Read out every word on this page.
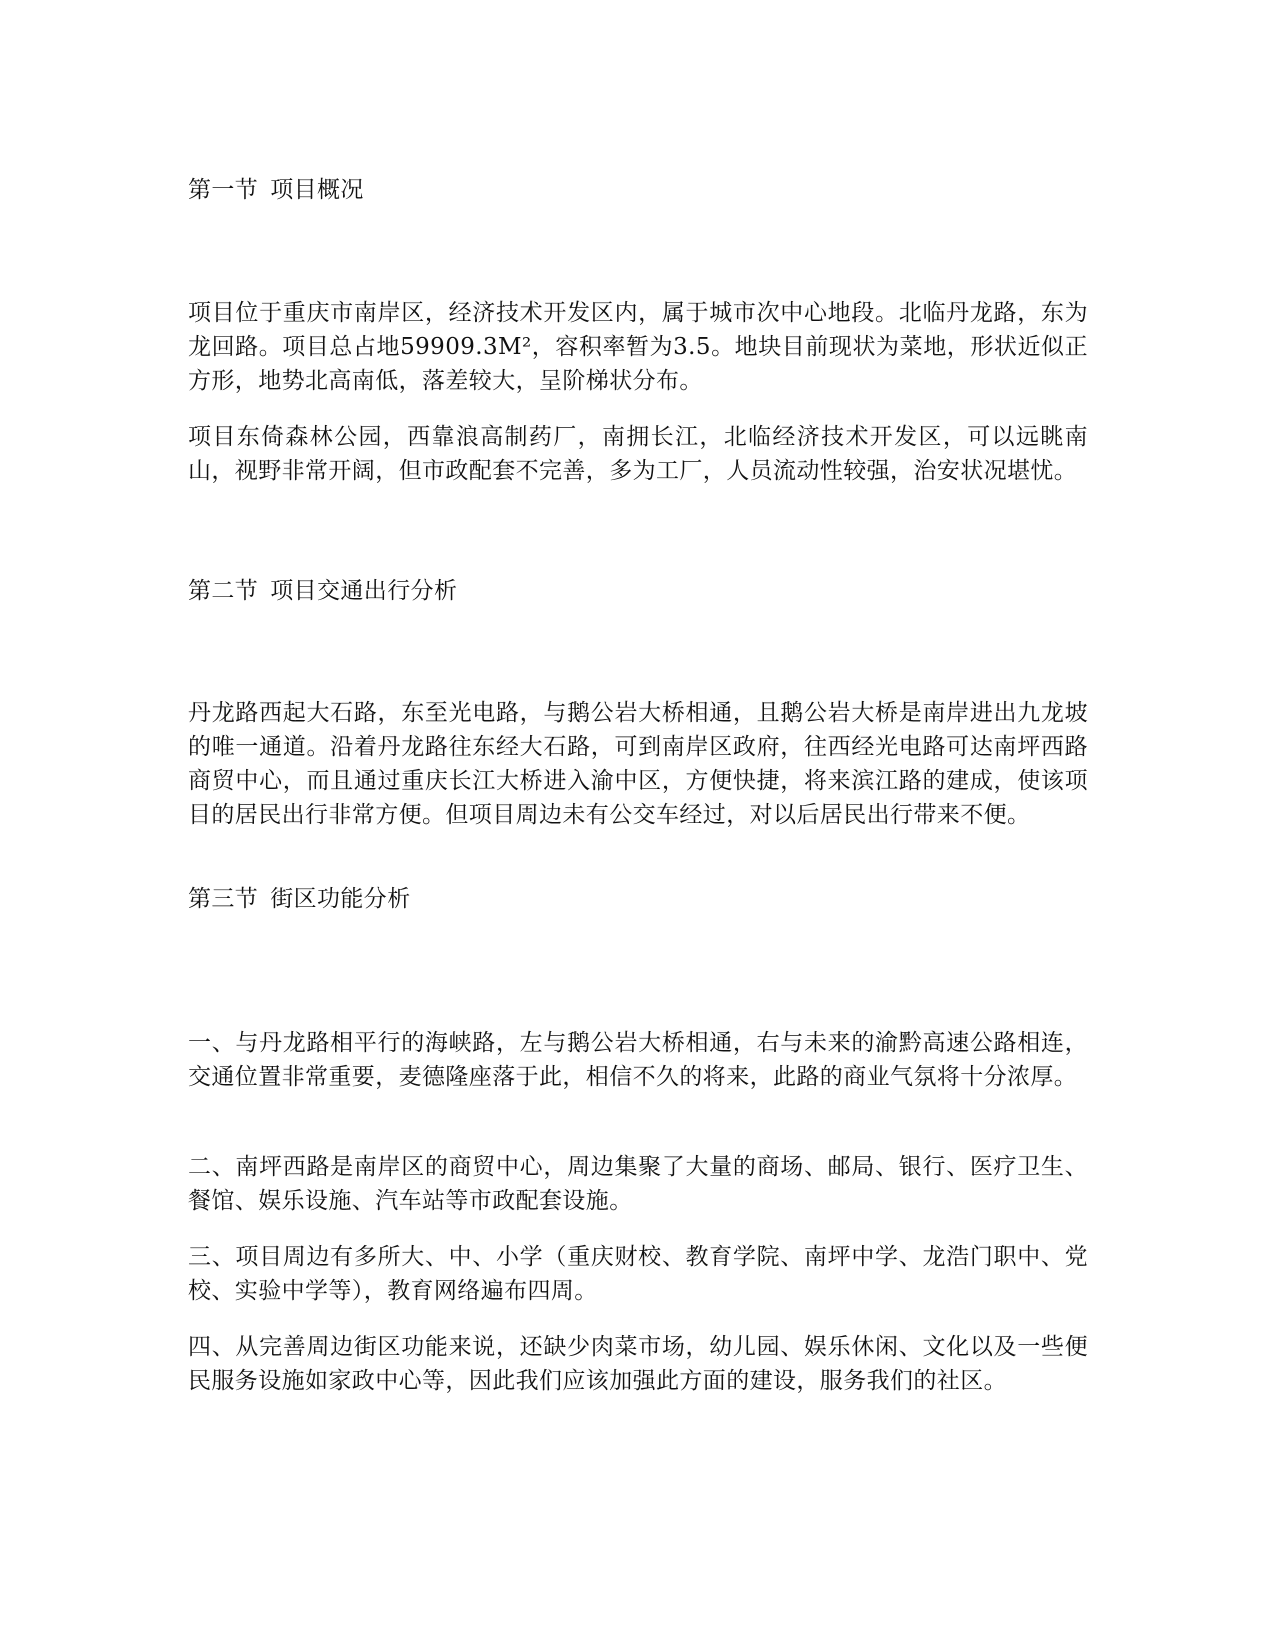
第一节 项目概况

项目位于重庆市南岸区，经济技术开发区内，属于城市次中心地段。北临丹龙路，东为龙回路。项目总占地59909.3M²，容积率暂为3.5。地块目前现状为菜地，形状近似正方形，地势北高南低，落差较大，呈阶梯状分布。

项目东倚森林公园，西靠浪高制药厂，南拥长江，北临经济技术开发区，可以远眺南山，视野非常开阔，但市政配套不完善，多为工厂，人员流动性较强，治安状况堪忧。

第二节 项目交通出行分析

丹龙路西起大石路，东至光电路，与鹅公岩大桥相通，且鹅公岩大桥是南岸进出九龙坡的唯一通道。沿着丹龙路往东经大石路，可到南岸区政府，往西经光电路可达南坪西路商贸中心，而且通过重庆长江大桥进入渝中区，方便快捷，将来滨江路的建成，使该项目的居民出行非常方便。但项目周边未有公交车经过，对以后居民出行带来不便。

第三节 街区功能分析

一、与丹龙路相平行的海峡路，左与鹅公岩大桥相通，右与未来的渝黔高速公路相连，交通位置非常重要，麦德隆座落于此，相信不久的将来，此路的商业气氛将十分浓厚。

二、南坪西路是南岸区的商贸中心，周边集聚了大量的商场、邮局、银行、医疗卫生、餐馆、娱乐设施、汽车站等市政配套设施。

三、项目周边有多所大、中、小学（重庆财校、教育学院、南坪中学、龙浩门职中、党校、实验中学等），教育网络遍布四周。

四、从完善周边街区功能来说，还缺少肉菜市场，幼儿园、娱乐休闲、文化以及一些便民服务设施如家政中心等，因此我们应该加强此方面的建设，服务我们的社区。
